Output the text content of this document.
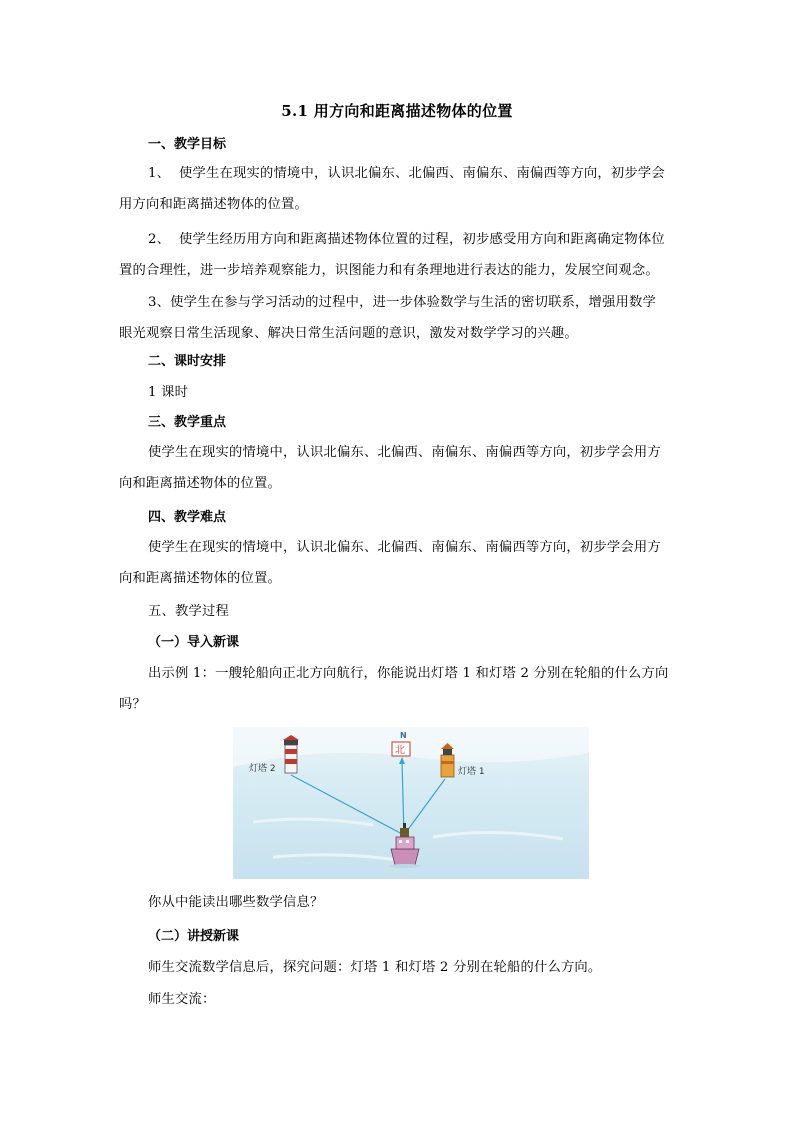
5.1 用方向和距离描述物体的位置
一、教学目标
1、 使学生在现实的情境中，认识北偏东、北偏西、南偏东、南偏西等方向，初步学会
用方向和距离描述物体的位置。
2、 使学生经历用方向和距离描述物体位置的过程，初步感受用方向和距离确定物体位
置的合理性，进一步培养观察能力，识图能力和有条理地进行表达的能力，发展空间观念。
3、使学生在参与学习活动的过程中，进一步体验数学与生活的密切联系，增强用数学
眼光观察日常生活现象、解决日常生活问题的意识，激发对数学学习的兴趣。
二、课时安排
1 课时
三、教学重点
使学生在现实的情境中，认识北偏东、北偏西、南偏东、南偏西等方向，初步学会用方
向和距离描述物体的位置。
四、教学难点
使学生在现实的情境中，认识北偏东、北偏西、南偏东、南偏西等方向，初步学会用方
向和距离描述物体的位置。
五、教学过程
（一）导入新课
出示例 1：一艘轮船向正北方向航行，你能说出灯塔 1 和灯塔 2 分别在轮船的什么方向
吗？
N
北
灯塔 2	灯塔 1
你从中能读出哪些数学信息？
（二）讲授新课
师生交流数学信息后，探究问题：灯塔 1 和灯塔 2 分别在轮船的什么方向。
师生交流：
